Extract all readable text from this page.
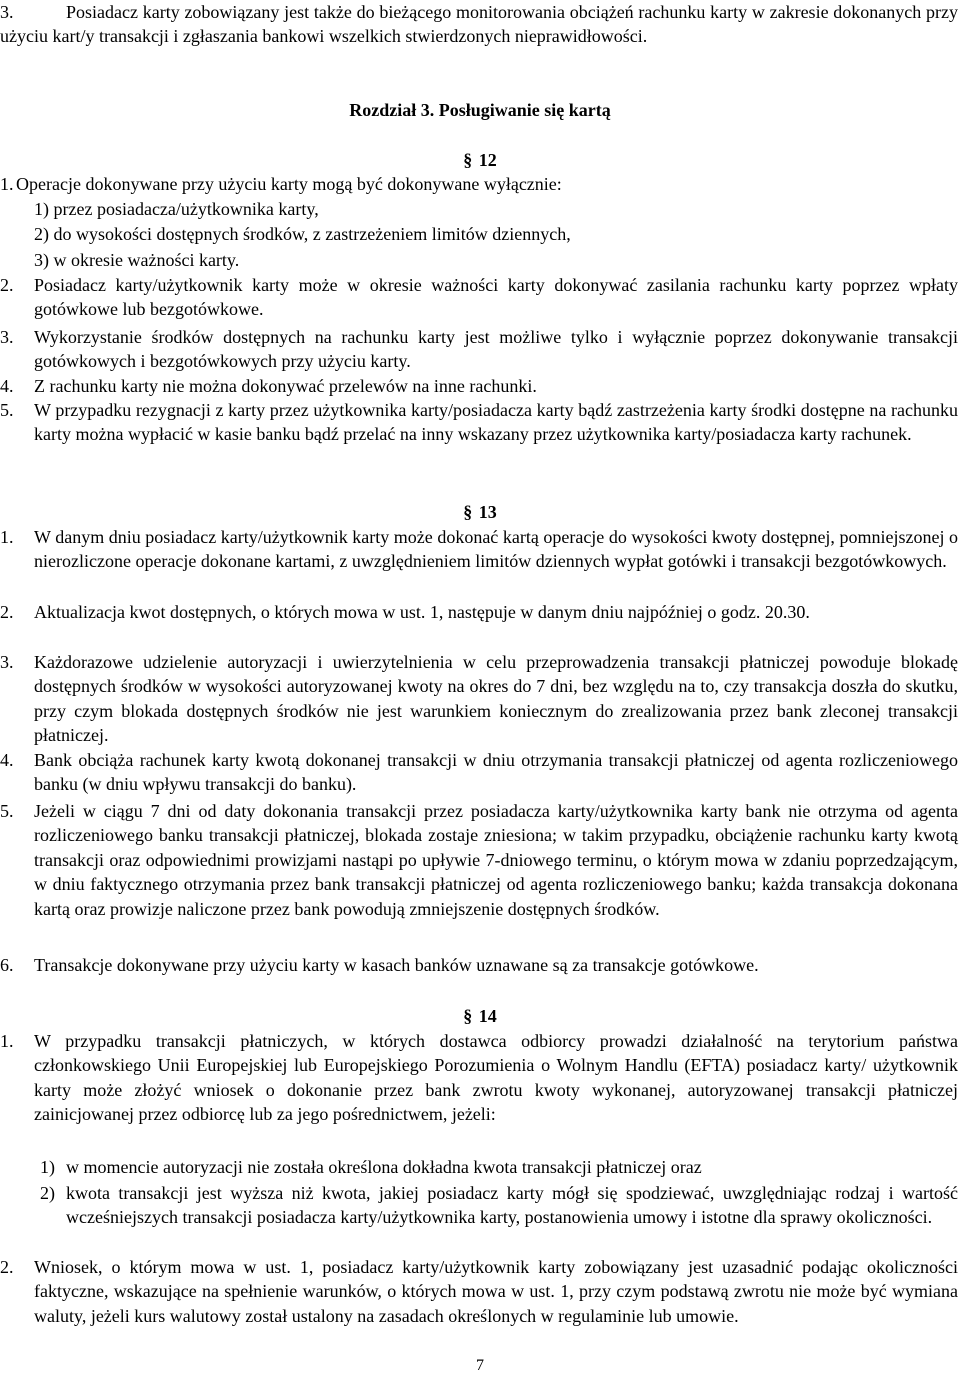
3.	Posiadacz karty zobowiązany jest także do bieżącego monitorowania obciążeń rachunku karty w zakresie dokonanych przy użyciu kart/y transakcji i zgłaszania bankowi wszelkich stwierdzonych nieprawidłowości.
Rozdział 3. Posługiwanie się kartą
§ 12
1. Operacje dokonywane przy użyciu karty mogą być dokonywane wyłącznie:
1) przez posiadacza/użytkownika karty,
2) do wysokości dostępnych środków, z zastrzeżeniem limitów dziennych,
3) w okresie ważności karty.
2.	Posiadacz karty/użytkownik karty może w okresie ważności karty dokonywać zasilania rachunku karty poprzez wpłaty gotówkowe lub bezgotówkowe.
3.	Wykorzystanie środków dostępnych na rachunku karty jest możliwe tylko i wyłącznie poprzez dokonywanie transakcji gotówkowych i bezgotówkowych przy użyciu karty.
4.	Z rachunku karty nie można dokonywać przelewów na inne rachunki.
5.	W przypadku rezygnacji z karty przez użytkownika karty/posiadacza karty bądź zastrzeżenia karty środki dostępne na rachunku karty można wypłacić w kasie banku bądź przelać na inny wskazany przez użytkownika karty/posiadacza karty rachunek.
§ 13
1.	W danym dniu posiadacz karty/użytkownik karty może dokonać kartą operacje do wysokości kwoty dostępnej, pomniejszonej o nierozliczone operacje dokonane kartami, z uwzględnieniem limitów dziennych wypłat gotówki i transakcji bezgotówkowych.
2.	Aktualizacja kwot dostępnych, o których mowa w ust. 1, następuje w danym dniu najpóźniej o godz. 20.30.
3.	Każdorazowe udzielenie autoryzacji i uwierzytelnienia w celu przeprowadzenia transakcji płatniczej powoduje blokadę dostępnych środków w wysokości autoryzowanej kwoty na okres do 7 dni, bez względu na to, czy transakcja doszła do skutku, przy czym blokada dostępnych środków nie jest warunkiem koniecznym do zrealizowania przez bank zleconej transakcji płatniczej.
4.	Bank obciąża rachunek karty kwotą dokonanej transakcji w dniu otrzymania transakcji płatniczej od agenta rozliczeniowego banku (w dniu wpływu transakcji do banku).
5.	Jeżeli w ciągu 7 dni od daty dokonania transakcji przez posiadacza karty/użytkownika karty bank nie otrzyma od agenta rozliczeniowego banku transakcji płatniczej, blokada zostaje zniesiona; w takim przypadku, obciążenie rachunku karty kwotą transakcji oraz odpowiednimi prowizjami nastąpi po upływie 7-dniowego terminu, o którym mowa w zdaniu poprzedzającym, w dniu faktycznego otrzymania przez bank transakcji płatniczej od agenta rozliczeniowego banku; każda transakcja dokonana kartą oraz prowizje naliczone przez bank powodują zmniejszenie dostępnych środków.
6.	Transakcje dokonywane przy użyciu karty w kasach banków uznawane są za transakcje gotówkowe.
§ 14
1.	W przypadku transakcji płatniczych, w których dostawca odbiorcy prowadzi działalność na terytorium państwa członkowskiego Unii Europejskiej lub Europejskiego Porozumienia o Wolnym Handlu (EFTA) posiadacz karty/ użytkownik karty może złożyć wniosek o dokonanie przez bank zwrotu kwoty wykonanej, autoryzowanej transakcji płatniczej zainicjowanej przez odbiorcę lub za jego pośrednictwem, jeżeli:
1) w momencie autoryzacji nie została określona dokładna kwota transakcji płatniczej oraz
2) kwota transakcji jest wyższa niż kwota, jakiej posiadacz karty mógł się spodziewać, uwzględniając rodzaj i wartość wcześniejszych transakcji posiadacza karty/użytkownika karty, postanowienia umowy i istotne dla sprawy okoliczności.
2.	Wniosek, o którym mowa w ust. 1, posiadacz karty/użytkownik karty zobowiązany jest uzasadnić podając okoliczności faktyczne, wskazujące na spełnienie warunków, o których mowa w ust. 1, przy czym podstawą zwrotu nie może być wymiana waluty, jeżeli kurs walutowy został ustalony na zasadach określonych w regulaminie lub umowie.
7
